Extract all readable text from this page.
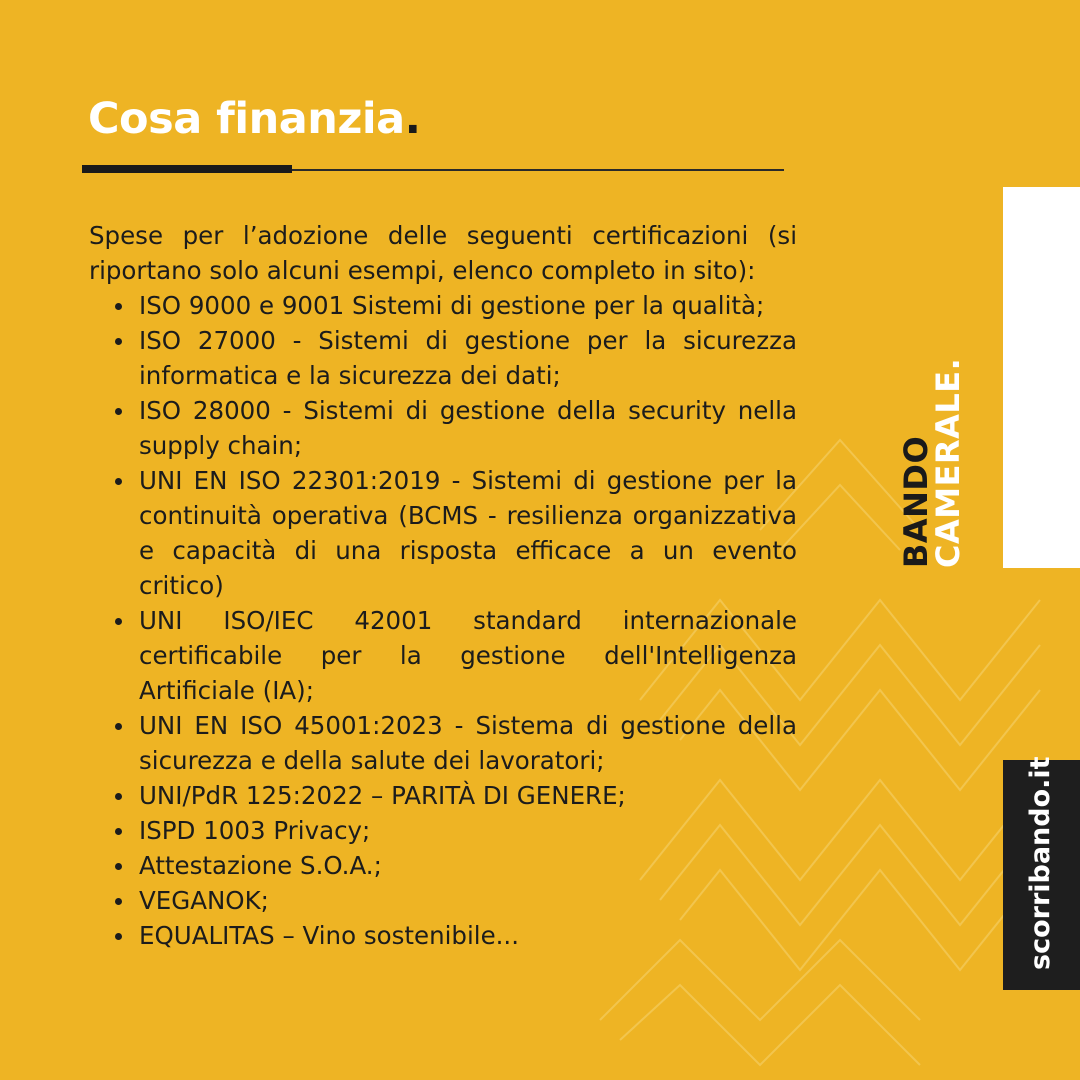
Cosa finanzia.

Spese per l’adozione delle seguenti certificazioni (si riportano solo alcuni esempi, elenco completo in sito):

ISO 9000 e 9001 Sistemi di gestione per la qualità;
ISO 27000 - Sistemi di gestione per la sicurezza informatica e la sicurezza dei dati;
ISO 28000 - Sistemi di gestione della security nella supply chain;
UNI EN ISO 22301:2019 - Sistemi di gestione per la continuità operativa (BCMS - resilienza organizzativa e capacità di una risposta efficace a un evento critico)
UNI ISO/IEC 42001 standard internazionale certificabile per la gestione dell'Intelligenza Artificiale (IA);
UNI EN ISO 45001:2023 - Sistema di gestione della sicurezza e della salute dei lavoratori;
UNI/PdR 125:2022 – PARITÀ DI GENERE;
ISPD 1003 Privacy;
Attestazione S.O.A.;
VEGANOK;
EQUALITAS – Vino sostenibile...
BANDO
CAMERALE.
scorribando.it
